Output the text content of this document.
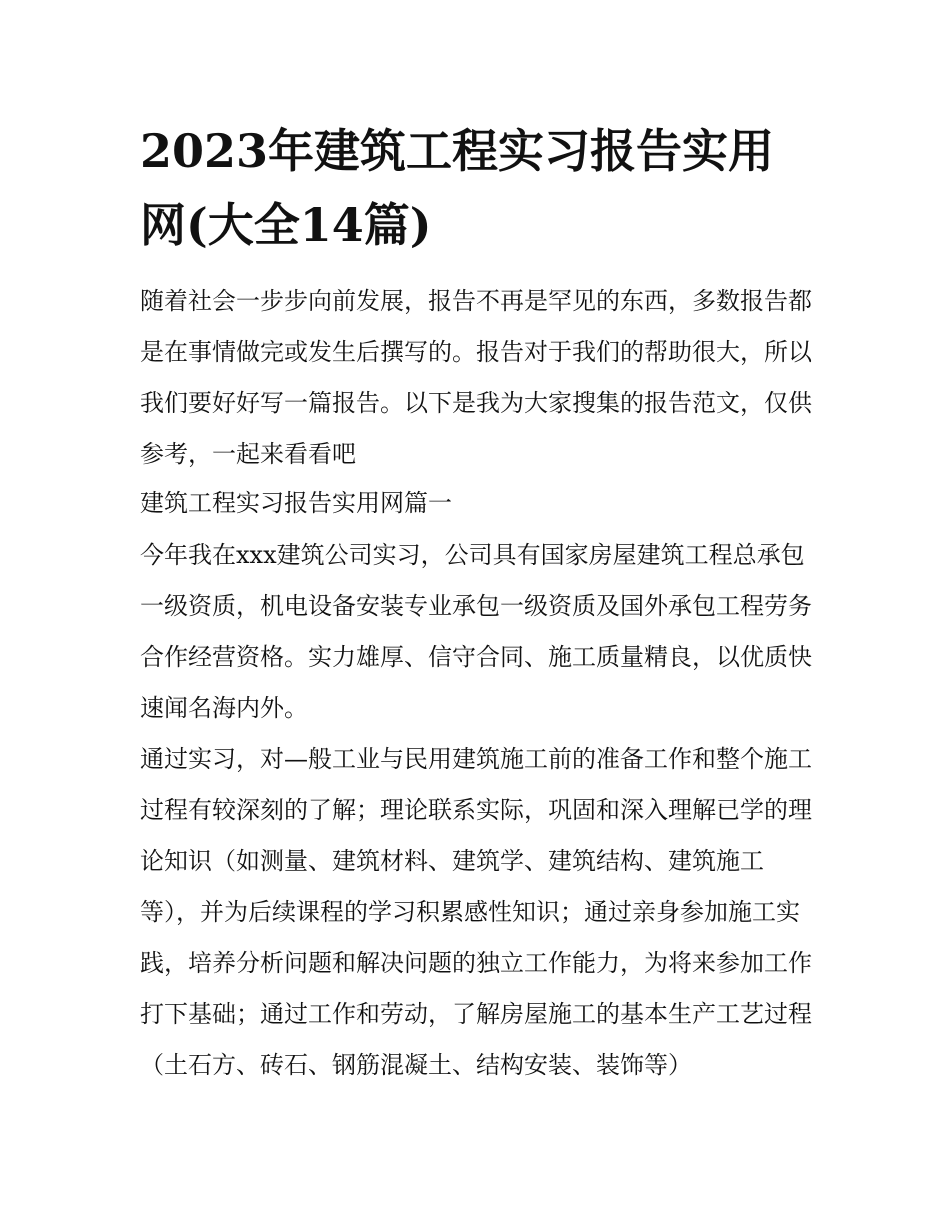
2023年建筑工程实习报告实用网(大全14篇)

随着社会一步步向前发展，报告不再是罕见的东西，多数报告都是在事情做完或发生后撰写的。报告对于我们的帮助很大，所以我们要好好写一篇报告。以下是我为大家搜集的报告范文，仅供参考，一起来看看吧

建筑工程实习报告实用网篇一

今年我在xxx建筑公司实习，公司具有国家房屋建筑工程总承包一级资质，机电设备安装专业承包一级资质及国外承包工程劳务合作经营资格。实力雄厚、信守合同、施工质量精良，以优质快速闻名海内外。

通过实习，对—般工业与民用建筑施工前的准备工作和整个施工过程有较深刻的了解；理论联系实际，巩固和深入理解已学的理论知识（如测量、建筑材料、建筑学、建筑结构、建筑施工等），并为后续课程的学习积累感性知识；通过亲身参加施工实践，培养分析问题和解决问题的独立工作能力，为将来参加工作打下基础；通过工作和劳动，了解房屋施工的基本生产工艺过程（土石方、砖石、钢筋混凝土、结构安装、装饰等）
